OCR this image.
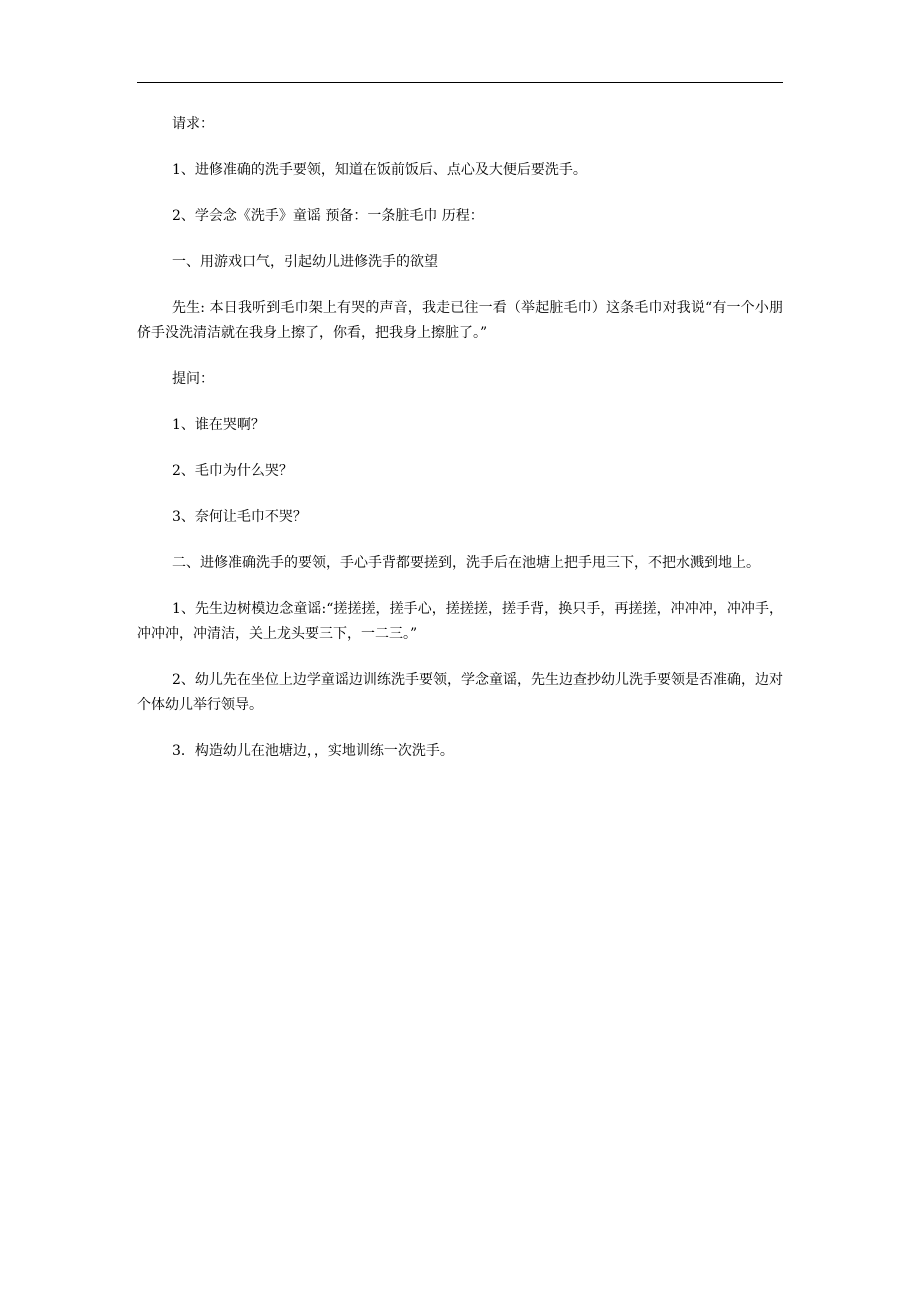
请求：

1、进修准确的洗手要领，知道在饭前饭后、点心及大便后要洗手。

2、学会念《洗手》童谣 预备：一条脏毛巾 历程：

一、用游戏口气，引起幼儿进修洗手的欲望

先生: 本日我听到毛巾架上有哭的声音，我走已往一看（举起脏毛巾）这条毛巾对我说“有一个小朋侪手没洗清洁就在我身上擦了，你看，把我身上擦脏了。”

提问：

1、谁在哭啊？

2、毛巾为什么哭？

3、奈何让毛巾不哭？

二、进修准确洗手的要领，手心手背都要搓到，洗手后在池塘上把手甩三下，不把水溅到地上。

1、先生边树模边念童谣:“搓搓搓，搓手心，搓搓搓，搓手背，换只手，再搓搓，冲冲冲，冲冲手，冲冲冲，冲清洁，关上龙头要三下，一二三。”

2、幼儿先在坐位上边学童谣边训练洗手要领，学念童谣，先生边查抄幼儿洗手要领是否准确，边对个体幼儿举行领导。

3．构造幼儿在池塘边，，实地训练一次洗手。
